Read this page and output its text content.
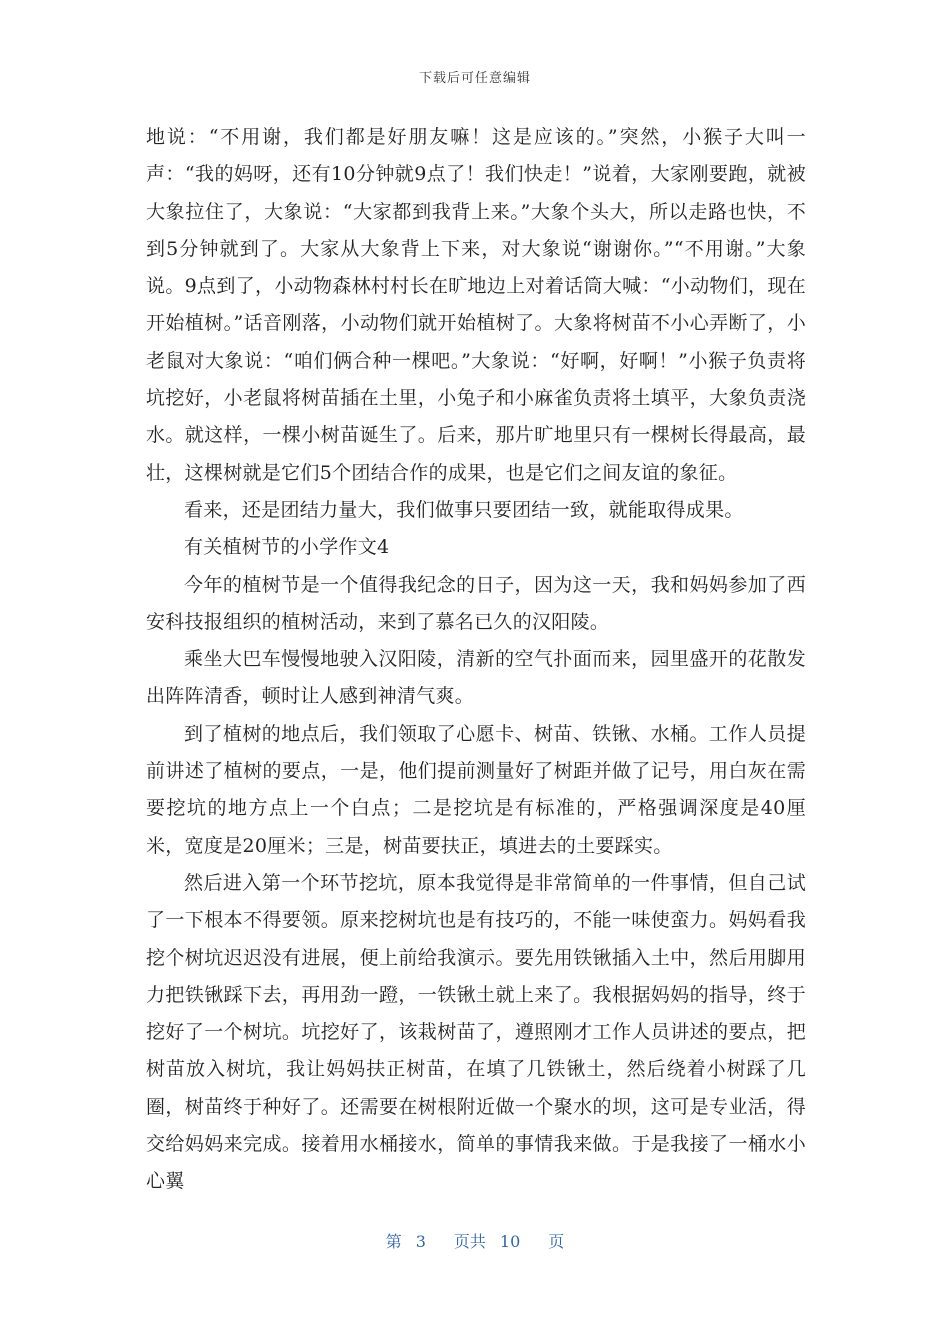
下载后可任意编辑

地说：“不用谢，我们都是好朋友嘛！这是应该的。”突然，小猴子大叫一声：“我的妈呀，还有10分钟就9点了！我们快走！”说着，大家刚要跑，就被大象拉住了，大象说：“大家都到我背上来。”大象个头大，所以走路也快，不到5分钟就到了。大家从大象背上下来，对大象说“谢谢你。”“不用谢。”大象说。9点到了，小动物森林村村长在旷地边上对着话筒大喊：“小动物们，现在开始植树。”话音刚落，小动物们就开始植树了。大象将树苗不小心弄断了，小老鼠对大象说：“咱们俩合种一棵吧。”大象说：“好啊，好啊！”小猴子负责将坑挖好，小老鼠将树苗插在土里，小兔子和小麻雀负责将土填平，大象负责浇水。就这样，一棵小树苗诞生了。后来，那片旷地里只有一棵树长得最高，最壮，这棵树就是它们5个团结合作的成果，也是它们之间友谊的象征。

看来，还是团结力量大，我们做事只要团结一致，就能取得成果。

有关植树节的小学作文4

今年的植树节是一个值得我纪念的日子，因为这一天，我和妈妈参加了西安科技报组织的植树活动，来到了慕名已久的汉阳陵。

乘坐大巴车慢慢地驶入汉阳陵，清新的空气扑面而来，园里盛开的花散发出阵阵清香，顿时让人感到神清气爽。

到了植树的地点后，我们领取了心愿卡、树苗、铁锹、水桶。工作人员提前讲述了植树的要点，一是，他们提前测量好了树距并做了记号，用白灰在需要挖坑的地方点上一个白点；二是挖坑是有标准的，严格强调深度是40厘米，宽度是20厘米；三是，树苗要扶正，填进去的土要踩实。

然后进入第一个环节挖坑，原本我觉得是非常简单的一件事情，但自己试了一下根本不得要领。原来挖树坑也是有技巧的，不能一味使蛮力。妈妈看我挖个树坑迟迟没有进展，便上前给我演示。要先用铁锹插入土中，然后用脚用力把铁锹踩下去，再用劲一蹬，一铁锹土就上来了。我根据妈妈的指导，终于挖好了一个树坑。坑挖好了，该栽树苗了，遵照刚才工作人员讲述的要点，把树苗放入树坑，我让妈妈扶正树苗，在填了几铁锹土，然后绕着小树踩了几圈，树苗终于种好了。还需要在树根附近做一个聚水的坝，这可是专业活，得交给妈妈来完成。接着用水桶接水，简单的事情我来做。于是我接了一桶水小心翼

第 3 页共 10 页
